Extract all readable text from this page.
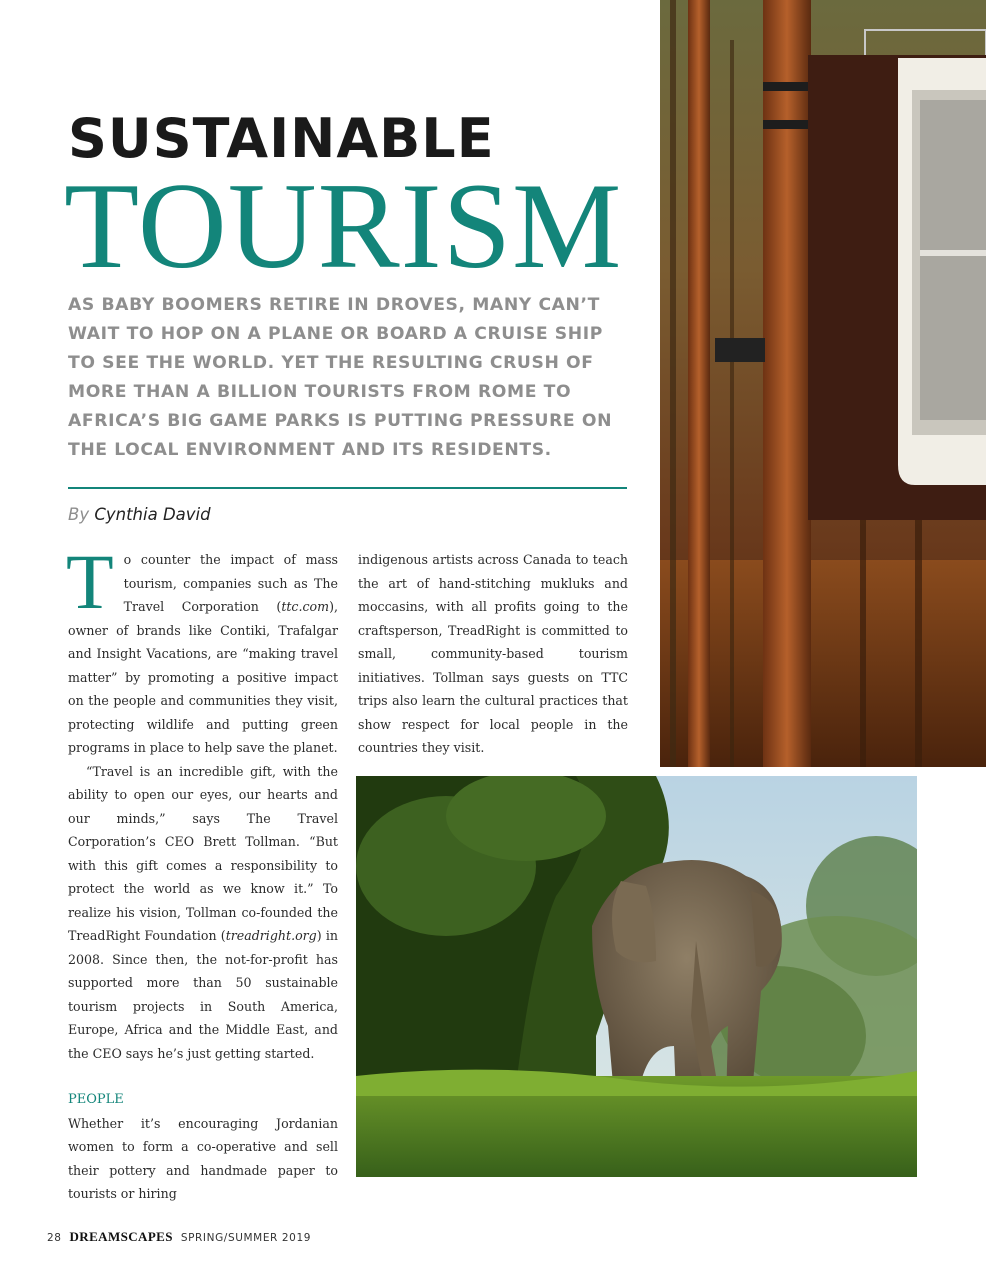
SUSTAINABLE
TOURISM
AS BABY BOOMERS RETIRE IN DROVES, MANY CAN’T WAIT TO HOP ON A PLANE OR BOARD A CRUISE SHIP TO SEE THE WORLD. YET THE RESULTING CRUSH OF MORE THAN A BILLION TOURISTS FROM ROME TO AFRICA’S BIG GAME PARKS IS PUTTING PRESSURE ON THE LOCAL ENVIRONMENT AND ITS RESIDENTS.
By Cynthia David

To counter the impact of mass tourism, companies such as The Travel Corporation (ttc.com), owner of brands like Contiki, Trafalgar and Insight Vacations, are “making travel matter” by promoting a positive impact on the people and communities they visit, protecting wildlife and putting green programs in place to help save the planet.

“Travel is an incredible gift, with the ability to open our eyes, our hearts and our minds,” says The Travel Corporation’s CEO Brett Tollman. “But with this gift comes a responsibility to protect the world as we know it.” To realize his vision, Tollman co-founded the TreadRight Foundation (treadright.org) in 2008. Since then, the not-for-profit has supported more than 50 sustainable tourism projects in South America, Europe, Africa and the Middle East, and the CEO says he’s just getting started.

PEOPLE

Whether it’s encouraging Jordanian women to form a co-operative and sell their pottery and handmade paper to tourists or hiring

indigenous artists across Canada to teach the art of hand-stitching mukluks and moccasins, with all profits going to the craftsperson, TreadRight is committed to small, community-based tourism initiatives. Tollman says guests on TTC trips also learn the cultural practices that show respect for local people in the countries they visit.

28 DREAMSCAPES SPRING/SUMMER 2019
